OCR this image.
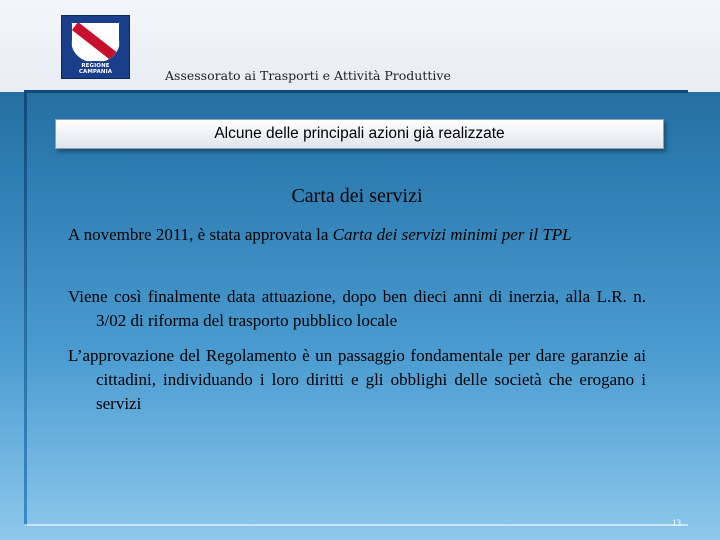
REGIONE CAMPANIA	Assessorato ai Trasporti e Attività Produttive
Alcune delle principali azioni già realizzate
Carta dei servizi
A novembre 2011, è stata approvata la Carta dei servizi minimi per il TPL
Viene così finalmente data attuazione, dopo ben dieci anni di inerzia, alla L.R. n. 3/02 di riforma del trasporto pubblico locale
L’approvazione del Regolamento è un passaggio fondamentale per dare garanzie ai cittadini, individuando i loro diritti e gli obblighi delle società che erogano i servizi
13
